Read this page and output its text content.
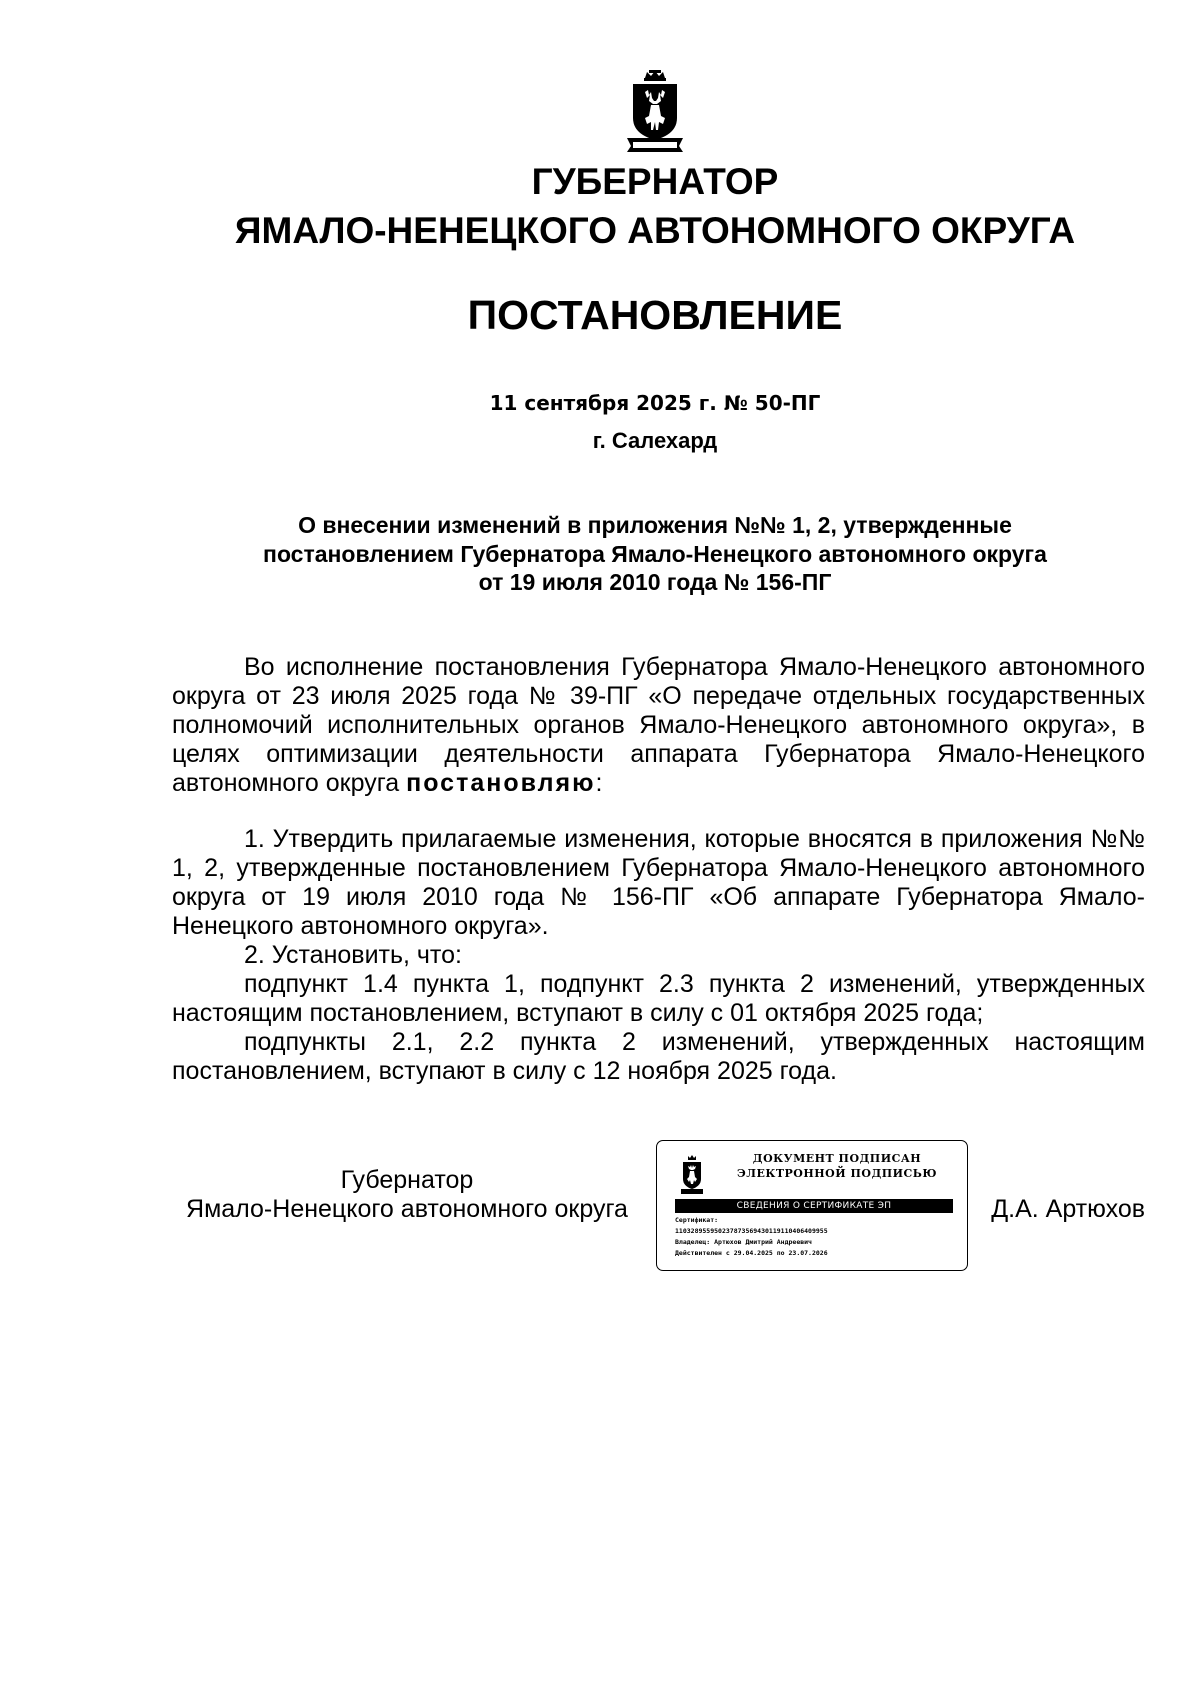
ГУБЕРНАТОР
ЯМАЛО-НЕНЕЦКОГО АВТОНОМНОГО ОКРУГА
ПОСТАНОВЛЕНИЕ
11 сентября 2025 г. № 50-ПГ
г. Салехард
О внесении изменений в приложения №№ 1, 2, утвержденные
постановлением Губернатора Ямало-Ненецкого автономного округа
от 19 июля 2010 года № 156-ПГ

Во исполнение постановления Губернатора Ямало-Ненецкого автономного округа от 23 июля 2025 года № 39-ПГ «О передаче отдельных государственных полномочий исполнительных органов Ямало-Ненецкого автономного округа», в целях оптимизации деятельности аппарата Губернатора Ямало-Ненецкого автономного округа постановляю:

1. Утвердить прилагаемые изменения, которые вносятся в приложения №№ 1, 2, утвержденные постановлением Губернатора Ямало-Ненецкого автономного округа от 19 июля 2010 года № 156-ПГ «Об аппарате Губернатора Ямало-Ненецкого автономного округа».

2. Установить, что:

подпункт 1.4 пункта 1, подпункт 2.3 пункта 2 изменений, утвержденных настоящим постановлением, вступают в силу с 01 октября 2025 года;

подпункты 2.1, 2.2 пункта 2 изменений, утвержденных настоящим постановлением, вступают в силу с 12 ноября 2025 года.

Губернатор
Ямало-Ненецкого автономного округа
ДОКУМЕНТ ПОДПИСАН
ЭЛЕКТРОННОЙ ПОДПИСЬЮ
СВЕДЕНИЯ О СЕРТИФИКАТЕ ЭП
Сертификат:
110328955950237873569430119110406409955
Владелец: Артюхов Дмитрий Андреевич
Действителен с 29.04.2025 по 23.07.2026
Д.А. Артюхов
